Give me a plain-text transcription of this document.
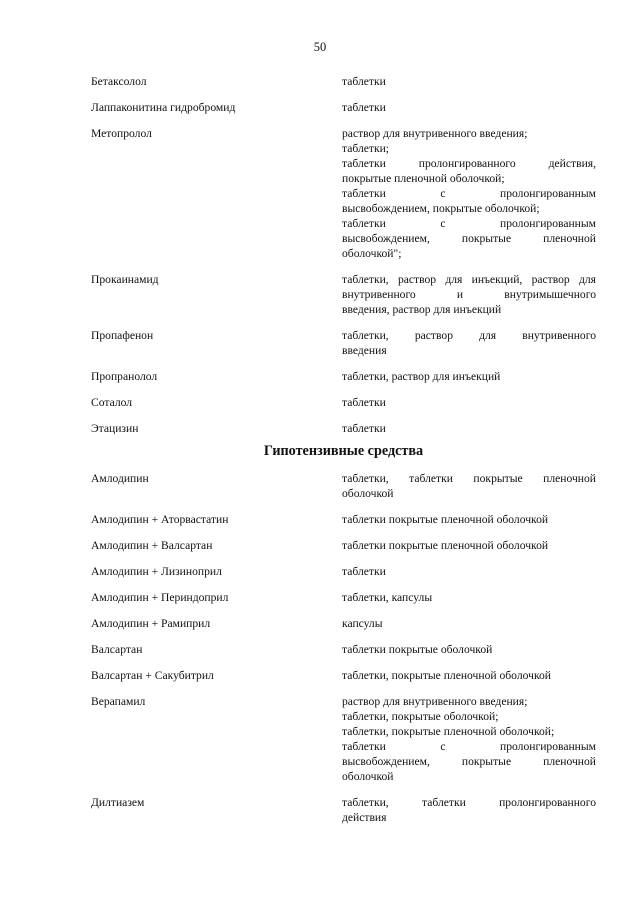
50
Бетаксолол	таблетки
Лаппаконитина гидробромид	таблетки
Метопролол	раствор для внутривенного введения;
таблетки;
таблетки пролонгированного действия,
покрытые пленочной оболочкой;
таблетки с пролонгированным
высвобождением, покрытые оболочкой;
таблетки с пролонгированным
высвобождением, покрытые пленочной
оболочкой";
Прокаинамид	таблетки, раствор для инъекций, раствор для
внутривенного и внутримышечного
введения, раствор для инъекций
Пропафенон	таблетки, раствор для внутривенного
введения
Пропранолол	таблетки, раствор для инъекций
Соталол	таблетки
Этацизин	таблетки
Гипотензивные средства
Амлодипин	таблетки, таблетки покрытые пленочной
оболочкой
Амлодипин + Аторвастатин	таблетки покрытые пленочной оболочкой
Амлодипин + Валсартан	таблетки покрытые пленочной оболочкой
Амлодипин + Лизиноприл	таблетки
Амлодипин + Периндоприл	таблетки, капсулы
Амлодипин + Рамиприл	капсулы
Валсартан	таблетки покрытые оболочкой
Валсартан + Сакубитрил	таблетки, покрытые пленочной оболочкой
Верапамил	раствор для внутривенного введения;
таблетки, покрытые оболочкой;
таблетки, покрытые пленочной оболочкой;
таблетки с пролонгированным
высвобождением, покрытые пленочной
оболочкой
Дилтиазем	таблетки, таблетки пролонгированного
действия
